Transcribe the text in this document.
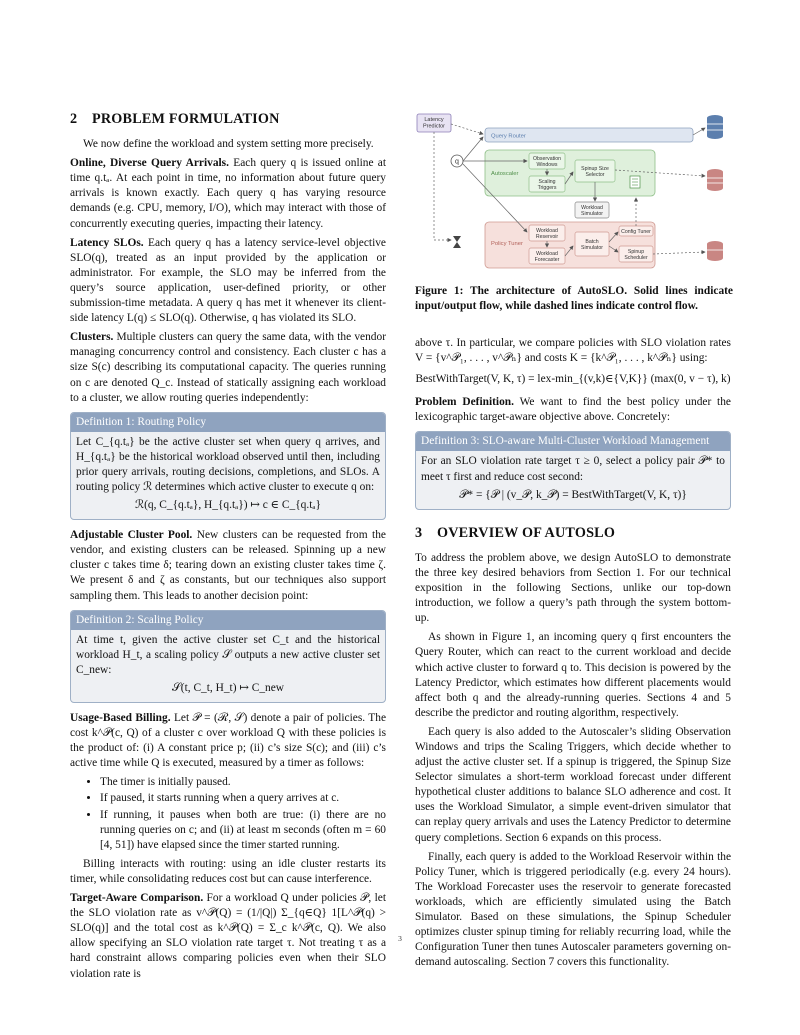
2 PROBLEM FORMULATION

We now define the workload and system setting more precisely.

Online, Diverse Query Arrivals. Each query q is issued online at time q.tₐ. At each point in time, no information about future query arrivals is known exactly. Each query q has varying resource demands (e.g. CPU, memory, I/O), which may interact with those of concurrently executing queries, impacting their latency.

Latency SLOs. Each query q has a latency service-level objective SLO(q), treated as an input provided by the application or administrator. For example, the SLO may be inferred from the query’s source application, user-defined priority, or other submission-time metadata. A query q has met it whenever its client-side latency L(q) ≤ SLO(q). Otherwise, q has violated its SLO.

Clusters. Multiple clusters can query the same data, with the vendor managing concurrency control and consistency. Each cluster c has a size S(c) describing its computational capacity. The queries running on c are denoted Q_c. Instead of statically assigning each workload to a cluster, we allow routing queries independently:

Definition 1: Routing Policy

Let C_{q.tₐ} be the active cluster set when query q arrives, and H_{q.tₐ} be the historical workload observed until then, including prior query arrivals, routing decisions, completions, and SLOs. A routing policy ℛ determines which active cluster to execute q on:

ℛ(q, C_{q.tₐ}, H_{q.tₐ}) ↦ c ∈ C_{q.tₐ}

Adjustable Cluster Pool. New clusters can be requested from the vendor, and existing clusters can be released. Spinning up a new cluster c takes time δ; tearing down an existing cluster takes time ζ. We present δ and ζ as constants, but our techniques also support sampling them. This leads to another decision point:

Definition 2: Scaling Policy

At time t, given the active cluster set C_t and the historical workload H_t, a scaling policy 𝒮 outputs a new active cluster set C_new:

𝒮(t, C_t, H_t) ↦ C_new

Usage-Based Billing. Let 𝒫 = (ℛ, 𝒮) denote a pair of policies. The cost k^𝒫(c, Q) of a cluster c over workload Q with these policies is the product of: (i) A constant price p; (ii) c’s size S(c); and (iii) c’s active time while Q is executed, measured by a timer as follows:

• The timer is initially paused.
• If paused, it starts running when a query arrives at c.
• If running, it pauses when both are true: (i) there are no running queries on c; and (ii) at least m seconds (often m = 60 [4, 51]) have elapsed since the timer started running.

Billing interacts with routing: using an idle cluster restarts its timer, while consolidating reduces cost but can cause interference.

Target-Aware Comparison. For a workload Q under policies 𝒫, let the SLO violation rate as v^𝒫(Q) = (1/|Q|) Σ_{q∈Q} 1[L^𝒫(q) > SLO(q)] and the total cost as k^𝒫(Q) = Σ_c k^𝒫(c, Q). We also allow specifying an SLO violation rate target τ. Not treating τ as a hard constraint allows comparing policies even when their SLO violation rate is

Latency Predictor
Query Router
q
Autoscaler
Observation Windows
Scaling Triggers
Spinup Size Selector
Workload Simulator
Policy Tuner
Workload Reservoir
Workload Forecaster
Batch Simulator
Config Tuner
Spinup Scheduler
Figure 1: The architecture of AutoSLO. Solid lines indicate input/output flow, while dashed lines indicate control flow.

above τ. In particular, we compare policies with SLO violation rates V = {v^𝒫₁, . . . , v^𝒫ₙ} and costs K = {k^𝒫₁, . . . , k^𝒫ₙ} using:

BestWithTarget(V, K, τ) = lex-min_{(v,k)∈{V,K}} (max(0, v − τ), k)

Problem Definition. We want to find the best policy under the lexicographic target-aware objective above. Concretely:

Definition 3: SLO-aware Multi-Cluster Workload Management

For an SLO violation rate target τ ≥ 0, select a policy pair 𝒫* to meet τ first and reduce cost second:

𝒫* = {𝒫 | (v_𝒫, k_𝒫) = BestWithTarget(V, K, τ)}
3 OVERVIEW OF AUTOSLO

To address the problem above, we design AutoSLO to demonstrate the three key desired behaviors from Section 1. For our technical exposition in the following Sections, unlike our top-down introduction, we follow a query’s path through the system bottom-up.

As shown in Figure 1, an incoming query q first encounters the Query Router, which can react to the current workload and decide which active cluster to forward q to. This decision is powered by the Latency Predictor, which estimates how different placements would affect both q and the already-running queries. Sections 4 and 5 describe the predictor and routing algorithm, respectively.

Each query is also added to the Autoscaler’s sliding Observation Windows and trips the Scaling Triggers, which decide whether to adjust the active cluster set. If a spinup is triggered, the Spinup Size Selector simulates a short-term workload forecast under different hypothetical cluster additions to balance SLO adherence and cost. It uses the Workload Simulator, a simple event-driven simulator that can replay query arrivals and uses the Latency Predictor to determine query completions. Section 6 expands on this process.

Finally, each query is added to the Workload Reservoir within the Policy Tuner, which is triggered periodically (e.g. every 24 hours). The Workload Forecaster uses the reservoir to generate forecasted workloads, which are efficiently simulated using the Batch Simulator. Based on these simulations, the Spinup Scheduler optimizes cluster spinup timing for reliably recurring load, while the Configuration Tuner then tunes Autoscaler parameters governing on-demand autoscaling. Section 7 covers this functionality.

3
